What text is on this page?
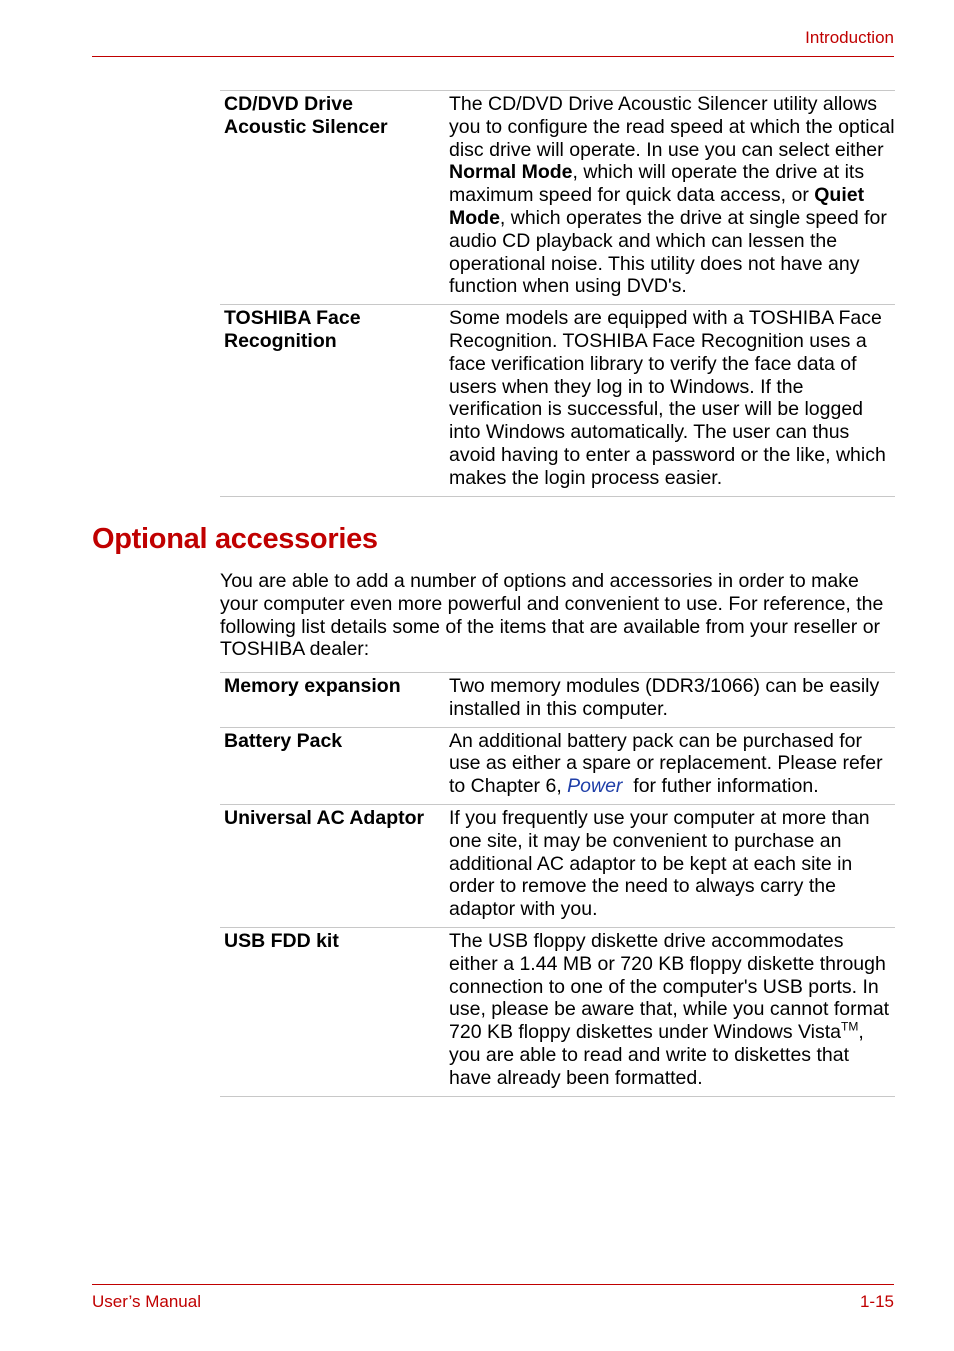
Introduction
CD/DVD Drive
Acoustic Silencer	The CD/DVD Drive Acoustic Silencer utility allows you to configure the read speed at which the optical disc drive will operate. In use you can select either Normal Mode, which will operate the drive at its maximum speed for quick data access, or Quiet Mode, which operates the drive at single speed for audio CD playback and which can lessen the operational noise. This utility does not have any function when using DVD's.
TOSHIBA Face
Recognition	Some models are equipped with a TOSHIBA Face Recognition. TOSHIBA Face Recognition uses a face verification library to verify the face data of users when they log in to Windows. If the verification is successful, the user will be logged into Windows automatically. The user can thus avoid having to enter a password or the like, which makes the login process easier.
Optional accessories

You are able to add a number of options and accessories in order to make your computer even more powerful and convenient to use. For reference, the following list details some of the items that are available from your reseller or TOSHIBA dealer:

Memory expansion	Two memory modules (DDR3/1066) can be easily installed in this computer.
Battery Pack	An additional battery pack can be purchased for use as either a spare or replacement. Please refer to Chapter 6, Power  for futher information.
Universal AC Adaptor	If you frequently use your computer at more than one site, it may be convenient to purchase an additional AC adaptor to be kept at each site in order to remove the need to always carry the adaptor with you.
USB FDD kit	The USB floppy diskette drive accommodates either a 1.44 MB or 720 KB floppy diskette through connection to one of the computer's USB ports. In use, please be aware that, while you cannot format 720 KB floppy diskettes under Windows Vista™, you are able to read and write to diskettes that have already been formatted.
User’s Manual	1-15
